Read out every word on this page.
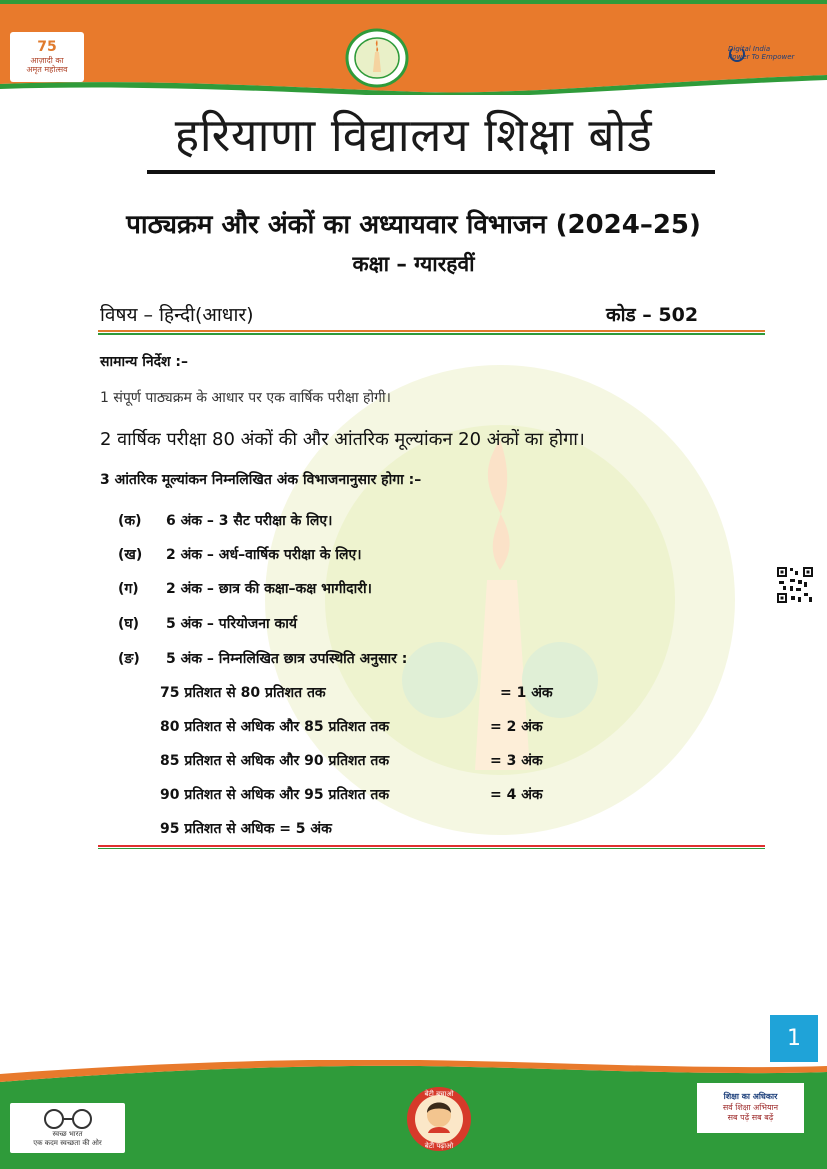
75
आज़ादी का
अमृत महोत्सव
Digital India
Power To Empower
हरियाणा विद्यालय शिक्षा बोर्ड
पाठ्यक्रम और अंकों का अध्यायवार विभाजन (2024–25)
कक्षा – ग्यारहवीं
विषय – हिन्दी(आधार)	कोड – 502
सामान्य निर्देश :–
1 संपूर्ण पाठ्यक्रम के आधार पर एक वार्षिक परीक्षा होगी।
2 वार्षिक परीक्षा 80 अंकों की और आंतरिक मूल्यांकन 20 अंकों का होगा।
3 आंतरिक मूल्यांकन निम्नलिखित अंक विभाजनानुसार होगा :–
(क) 6 अंक – 3 सैट परीक्षा के लिए।
(ख) 2 अंक – अर्ध–वार्षिक परीक्षा के लिए।
(ग) 2 अंक – छात्र की कक्षा–कक्ष भागीदारी।
(घ) 5 अंक – परियोजना कार्य
(ङ) 5 अंक – निम्नलिखित छात्र उपस्थिति अनुसार :
75 प्रतिशत से 80 प्रतिशत तक	= 1 अंक
80 प्रतिशत से अधिक और 85 प्रतिशत तक	= 2 अंक
85 प्रतिशत से अधिक और 90 प्रतिशत तक	= 3 अंक
90 प्रतिशत से अधिक और 95 प्रतिशत तक	= 4 अंक
95 प्रतिशत से अधिक = 5 अंक
1
स्वच्छ भारत
एक कदम स्वच्छता की ओर
बेटी बचाओ
बेटी पढ़ाओ
शिक्षा का अधिकार
सर्व शिक्षा अभियान
सब पढ़ें सब बढ़ें
